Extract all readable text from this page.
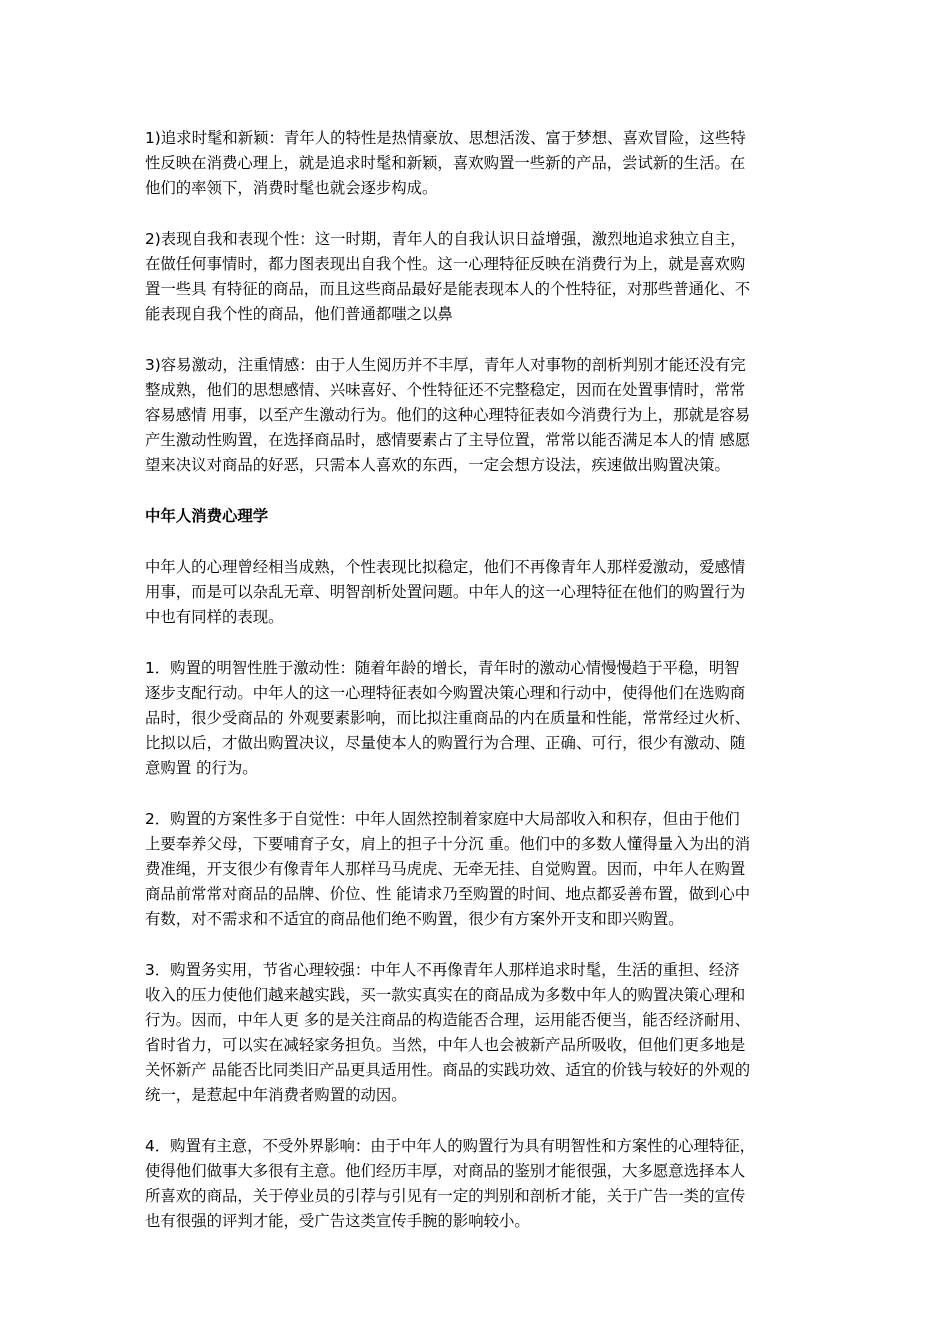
1)追求时髦和新颖：青年人的特性是热情豪放、思想活泼、富于梦想、喜欢冒险，这些特
性反映在消费心理上，就是追求时髦和新颖，喜欢购置一些新的产品，尝试新的生活。在
他们的率领下，消费时髦也就会逐步构成。

2)表现自我和表现个性：这一时期，青年人的自我认识日益增强，激烈地追求独立自主，
在做任何事情时，都力图表现出自我个性。这一心理特征反映在消费行为上，就是喜欢购
置一些具 有特征的商品，而且这些商品最好是能表现本人的个性特征，对那些普通化、不
能表现自我个性的商品，他们普通都嗤之以鼻

3)容易激动，注重情感：由于人生阅历并不丰厚，青年人对事物的剖析判别才能还没有完
整成熟，他们的思想感情、兴味喜好、个性特征还不完整稳定，因而在处置事情时，常常
容易感情 用事，以至产生激动行为。他们的这种心理特征表如今消费行为上，那就是容易
产生激动性购置，在选择商品时，感情要素占了主导位置，常常以能否满足本人的情 感愿
望来决议对商品的好恶，只需本人喜欢的东西，一定会想方设法，疾速做出购置决策。

中年人消费心理学

中年人的心理曾经相当成熟，个性表现比拟稳定，他们不再像青年人那样爱激动，爱感情
用事，而是可以杂乱无章、明智剖析处置问题。中年人的这一心理特征在他们的购置行为
中也有同样的表现。

1．购置的明智性胜于激动性：随着年龄的增长，青年时的激动心情慢慢趋于平稳，明智
逐步支配行动。中年人的这一心理特征表如今购置决策心理和行动中，使得他们在选购商
品时，很少受商品的 外观要素影响，而比拟注重商品的内在质量和性能，常常经过火析、
比拟以后，才做出购置决议，尽量使本人的购置行为合理、正确、可行，很少有激动、随
意购置 的行为。

2．购置的方案性多于自觉性：中年人固然控制着家庭中大局部收入和积存，但由于他们
上要奉养父母，下要哺育子女，肩上的担子十分沉 重。他们中的多数人懂得量入为出的消
费准绳，开支很少有像青年人那样马马虎虎、无牵无挂、自觉购置。因而，中年人在购置
商品前常常对商品的品牌、价位、性 能请求乃至购置的时间、地点都妥善布置，做到心中
有数，对不需求和不适宜的商品他们绝不购置，很少有方案外开支和即兴购置。

3．购置务实用，节省心理较强：中年人不再像青年人那样追求时髦，生活的重担、经济
收入的压力使他们越来越实践，买一款实真实在的商品成为多数中年人的购置决策心理和
行为。因而，中年人更 多的是关注商品的构造能否合理，运用能否便当，能否经济耐用、
省时省力，可以实在减轻家务担负。当然，中年人也会被新产品所吸收，但他们更多地是
关怀新产 品能否比同类旧产品更具适用性。商品的实践功效、适宜的价钱与较好的外观的
统一，是惹起中年消费者购置的动因。

4．购置有主意，不受外界影响：由于中年人的购置行为具有明智性和方案性的心理特征，
使得他们做事大多很有主意。他们经历丰厚，对商品的鉴别才能很强，大多愿意选择本人
所喜欢的商品，关于停业员的引荐与引见有一定的判别和剖析才能，关于广告一类的宣传
也有很强的评判才能，受广告这类宣传手腕的影响较小。
